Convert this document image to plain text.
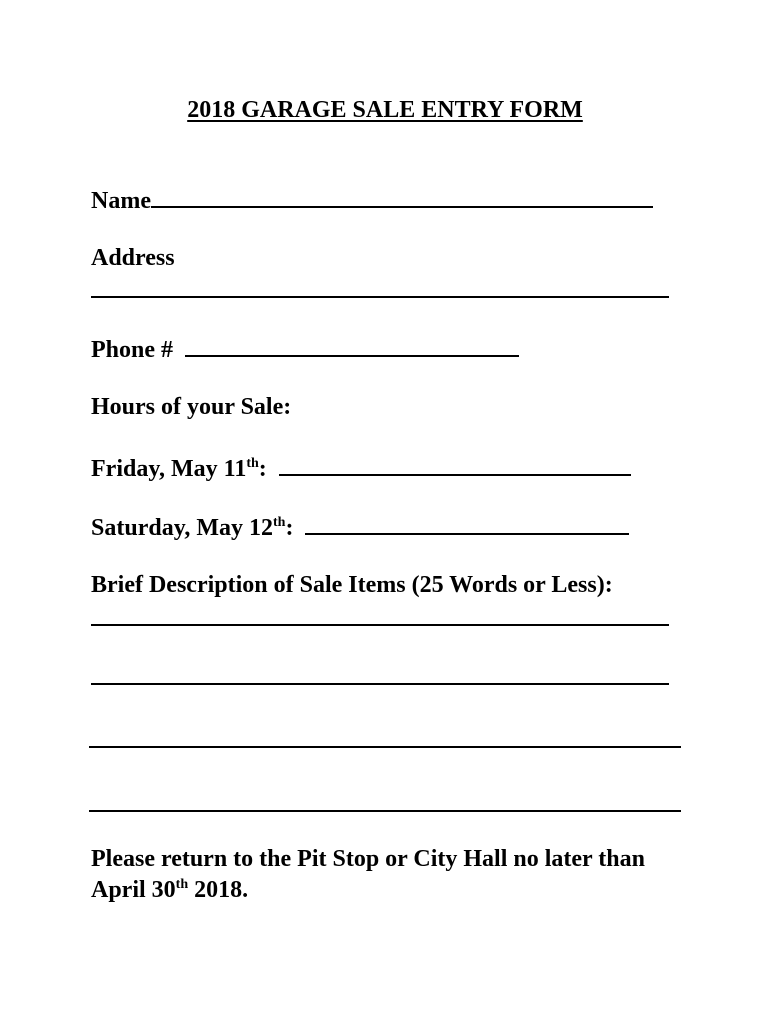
2018 GARAGE SALE ENTRY FORM
Name
Address
Phone #
Hours of your Sale:
Friday, May 11th:
Saturday, May 12th:
Brief Description of Sale Items (25 Words or Less):
Please return to the Pit Stop or City Hall no later than
April 30th 2018.
